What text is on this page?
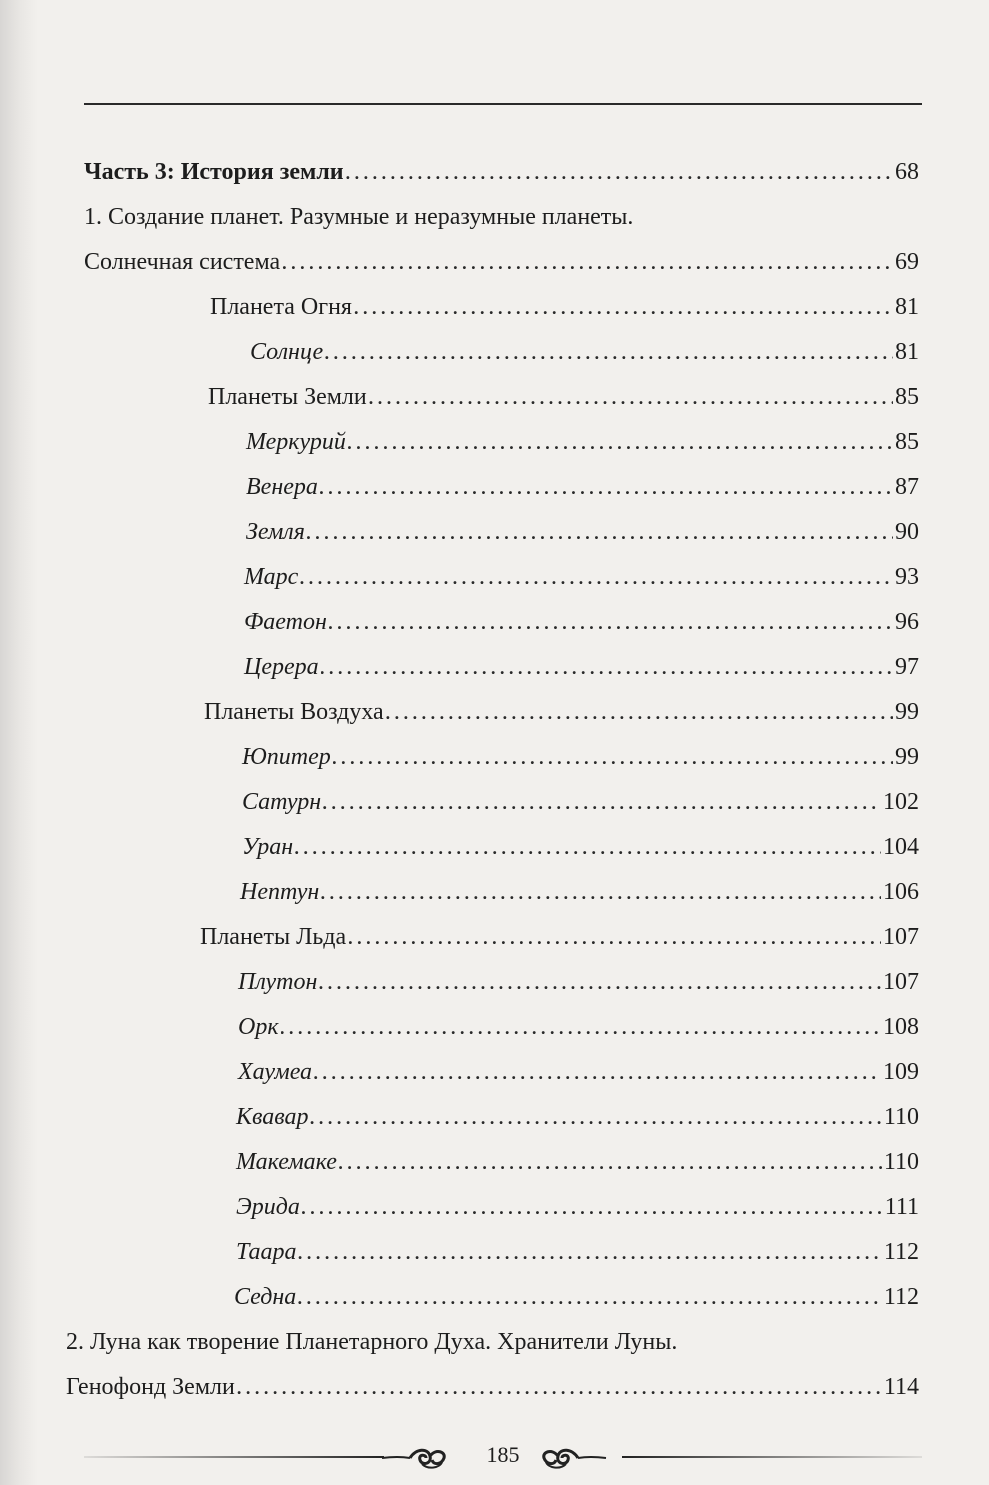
Часть 3: История земли . . .	68
1. Создание планет. Разумные и неразумные планеты.
Солнечная система . . .	69
Планета Огня . . .	81
Солнце . . .	81
Планеты Земли . . .	85
Меркурий . . .	85
Венера . . .	87
Земля . . .	90
Марс . . .	93
Фаетон . . .	96
Церера . . .	97
Планеты Воздуха . . .	99
Юпитер . . .	99
Сатурн . . .	102
Уран . . .	104
Нептун . . .	106
Планеты Льда . . .	107
Плутон . . .	107
Орк . . .	108
Хаумеа . . .	109
Квавар . . .	110
Макемаке . . .	110
Эрида . . .	111
Таара . . .	112
Седна . . .	112
2. Луна как творение Планетарного Духа. Хранители Луны.
Генофонд Земли . . .	114
185
